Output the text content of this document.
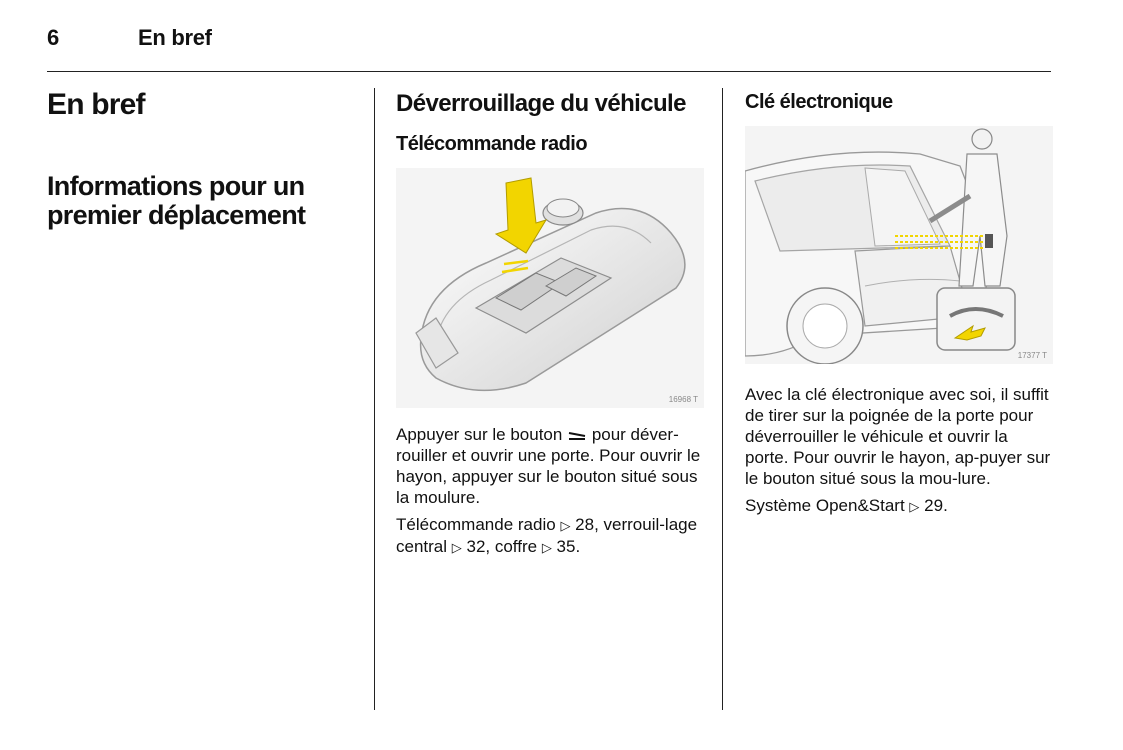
6	En bref
En bref
Informations pour un premier déplacement
Déverrouillage du véhicule
Télécommande radio
16968 T

Appuyer sur le bouton pour déver-rouiller et ouvrir une porte. Pour ouvrir le hayon, appuyer sur le bouton situé sous la moulure.

Télécommande radio ▷ 28, verrouil-lage central ▷ 32, coffre ▷ 35.

Clé électronique
17377 T

Avec la clé électronique avec soi, il suffit de tirer sur la poignée de la porte pour déverrouiller le véhicule et ouvrir la porte. Pour ouvrir le hayon, ap-puyer sur le bouton situé sous la mou-lure.

Système Open&Start ▷ 29.
